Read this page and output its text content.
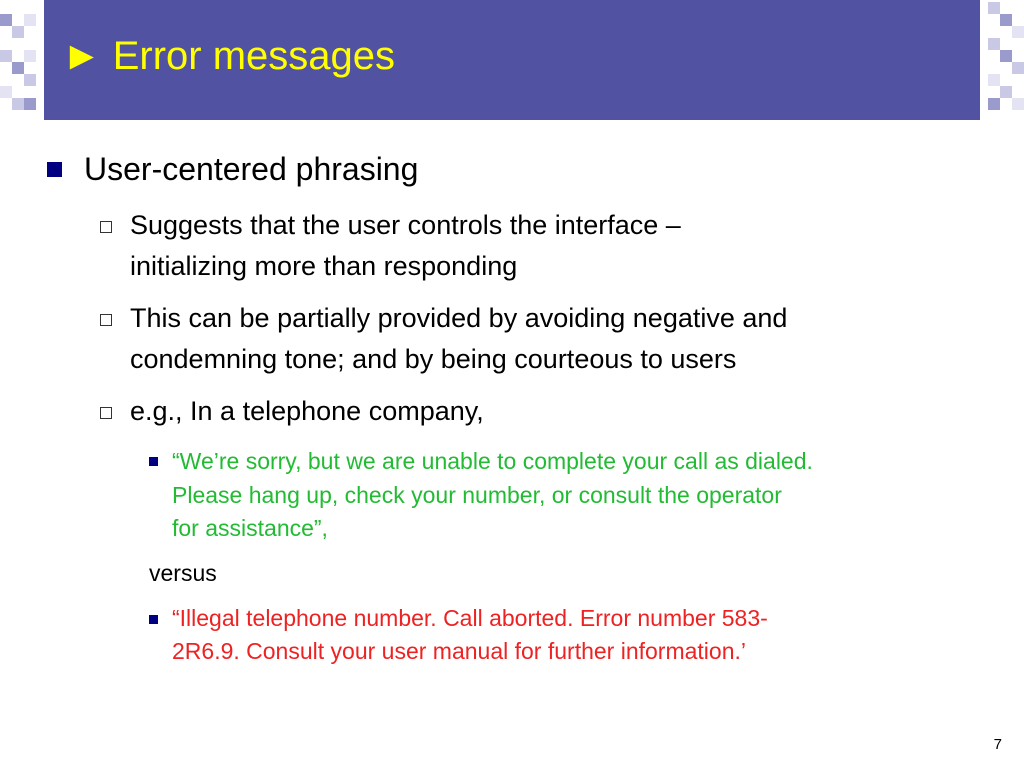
► Error messages
User-centered phrasing
Suggests that the user controls the interface –
initializing more than responding
This can be partially provided by avoiding negative and
condemning tone; and by being courteous to users
e.g., In a telephone company,
“We’re sorry, but we are unable to complete your call as dialed.
Please hang up, check your number, or consult the operator
for assistance”,
versus
“Illegal telephone number. Call aborted. Error number 583-
2R6.9. Consult your user manual for further information.’
7
